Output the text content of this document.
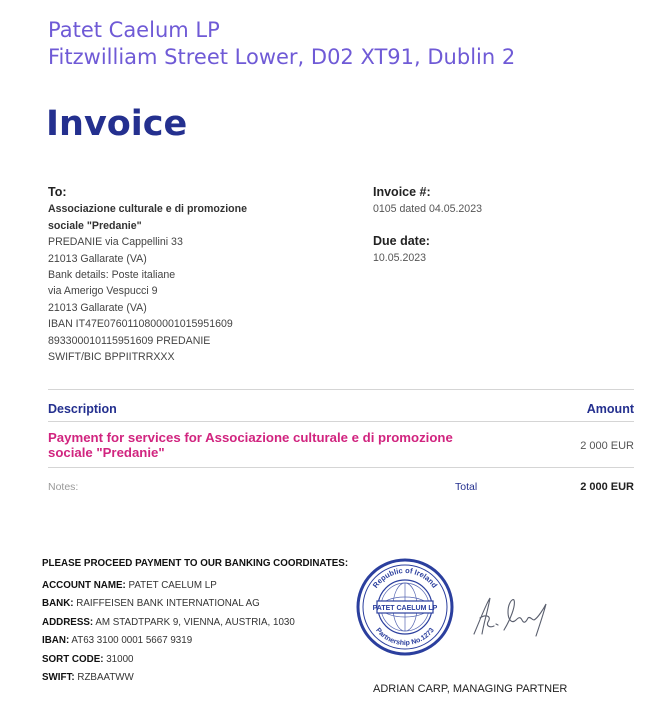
Patet Caelum LP
Fitzwilliam Street Lower, D02 XT91, Dublin 2
Invoice
To:
Associazione culturale e di promozione
sociale "Predanie"
PREDANIE via Cappellini 33
21013 Gallarate (VA)
Bank details: Poste italiane
via Amerigo Vespucci 9
21013 Gallarate (VA)
IBAN IT47E0760110800001015951609
893300010115951609 PREDANIE
SWIFT/BIC BPPIITRRXXX
Invoice #:
0105 dated 04.05.2023
Due date:
10.05.2023
Description	Amount
Payment for services for Associazione culturale e di promozione sociale "Predanie"	2 000 EUR
Notes:	Total	2 000 EUR
PLEASE PROCEED PAYMENT TO OUR BANKING COORDINATES:
ACCOUNT NAME: PATET CAELUM LP
BANK: RAIFFEISEN BANK INTERNATIONAL AG
ADDRESS: AM STADTPARK 9, VIENNA, AUSTRIA, 1030
IBAN: AT63 3100 0001 5667 9319
SORT CODE: 31000
SWIFT: RZBAATWW
Republic of Ireland
Partnership No.1273
PATET CAELUM LP
ADRIAN CARP, MANAGING PARTNER
